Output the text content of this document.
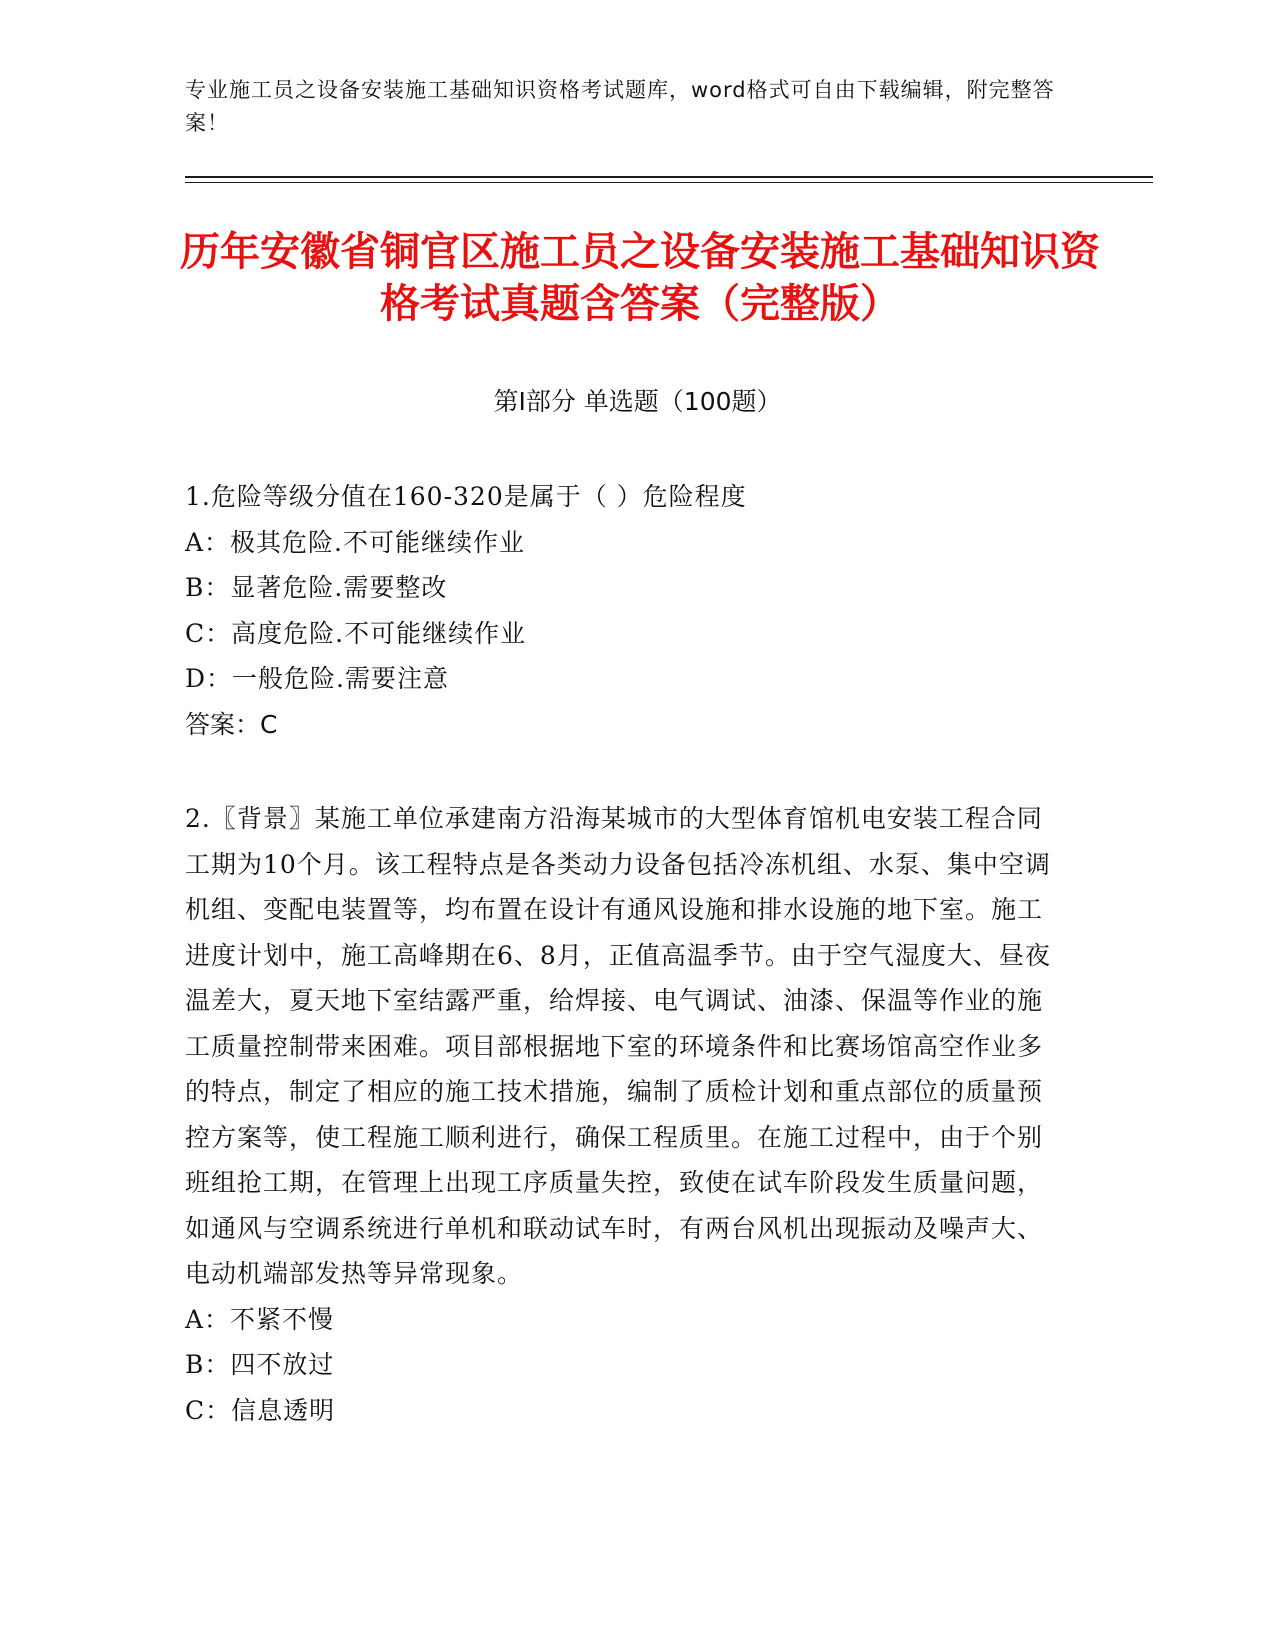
专业施工员之设备安装施工基础知识资格考试题库，word格式可自由下载编辑，附完整答案！
历年安徽省铜官区施工员之设备安装施工基础知识资格考试真题含答案（完整版）
第Ⅰ部分 单选题（100题）
1.危险等级分值在160-320是属于（ ）危险程度
A：极其危险.不可能继续作业
B：显著危险.需要整改
C：高度危险.不可能继续作业
D：一般危险.需要注意
答案：C
2.〖背景〗某施工单位承建南方沿海某城市的大型体育馆机电安装工程合同工期为10个月。该工程特点是各类动力设备包括冷冻机组、水泵、集中空调机组、变配电装置等，均布置在设计有通风设施和排水设施的地下室。施工进度计划中，施工高峰期在6、8月，正值高温季节。由于空气湿度大、昼夜温差大，夏天地下室结露严重，给焊接、电气调试、油漆、保温等作业的施工质量控制带来困难。项目部根据地下室的环境条件和比赛场馆高空作业多的特点，制定了相应的施工技术措施，编制了质检计划和重点部位的质量预控方案等，使工程施工顺利进行，确保工程质里。在施工过程中，由于个别班组抢工期，在管理上出现工序质量失控，致使在试车阶段发生质量问题，如通风与空调系统进行单机和联动试车时，有两台风机出现振动及噪声大、电动机端部发热等异常现象。
A：不紧不慢
B：四不放过
C：信息透明
